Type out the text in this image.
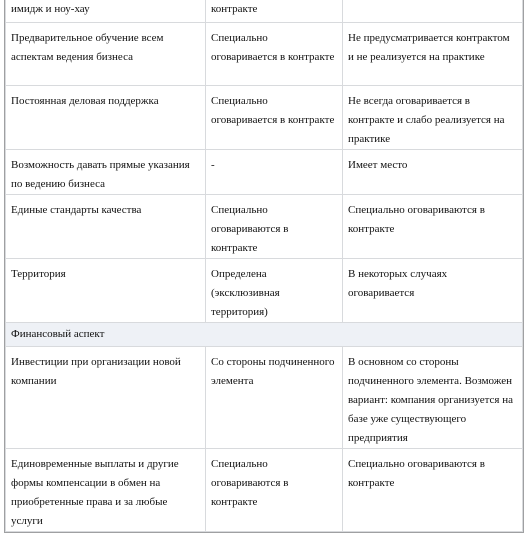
имидж и ноу-хау	контракте	
Предварительное обучение всем аспектам ведения бизнеса	Специально оговаривается в контракте	Не предусматривается контрактом и не реализуется на практике
Постоянная деловая поддержка	Специально оговаривается в контракте	Не всегда оговаривается в контракте и слабо реализуется на практике
Возможность давать прямые указания по ведению бизнеса	-	Имеет место
Единые стандарты качества	Специально оговариваются в контракте	Специально оговариваются в контракте
Территория	Определена (эксклюзивная территория)	В некоторых случаях оговаривается
Финансовый аспект		
Инвестиции при организации новой компании	Со стороны подчиненного элемента	В основном со стороны подчиненного элемента. Возможен вариант: компания организуется на базе уже существующего предприятия
Единовременные выплаты и другие формы компенсации в обмен на приобретенные права и за любые услуги	Специально оговариваются в контракте	Специально оговариваются в контракте
